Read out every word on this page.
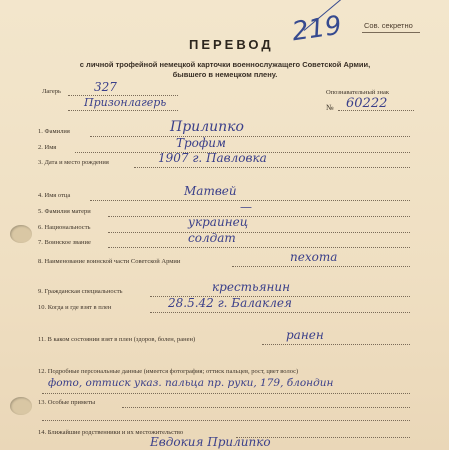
Сов. секретно
ПЕРЕВОД 219
с личной трофейной немецкой карточки военнослужащего Советской Армии,
бывшего в немецком плену.
Лагерь	327
Призонлагерь
Опознавательный знак
№ 60222
1. Фамилия	Прилипко
2. Имя	Трофим
3. Дата и место рождения	1907 г. Павловка
4. Имя отца	Матвей
5. Фамилия матери	—
6. Национальность	украинец
7. Воинское звание	солдат
8. Наименование воинской части Советской Армии	пехота
9. Гражданская специальность	крестьянин
10. Когда и где взят в плен	28.5.42 г. Балаклея
11. В каком состоянии взят в плен (здоров, болен, ранен)	ранен
12. Подробные персональные данные (имеется фотография; оттиск пальцев, рост, цвет волос)
фото, оттиск указ. пальца пр. руки, 179, блондин
13. Особые приметы
14. Ближайшие родственники и их местожительство
Евдокия Прилипко
